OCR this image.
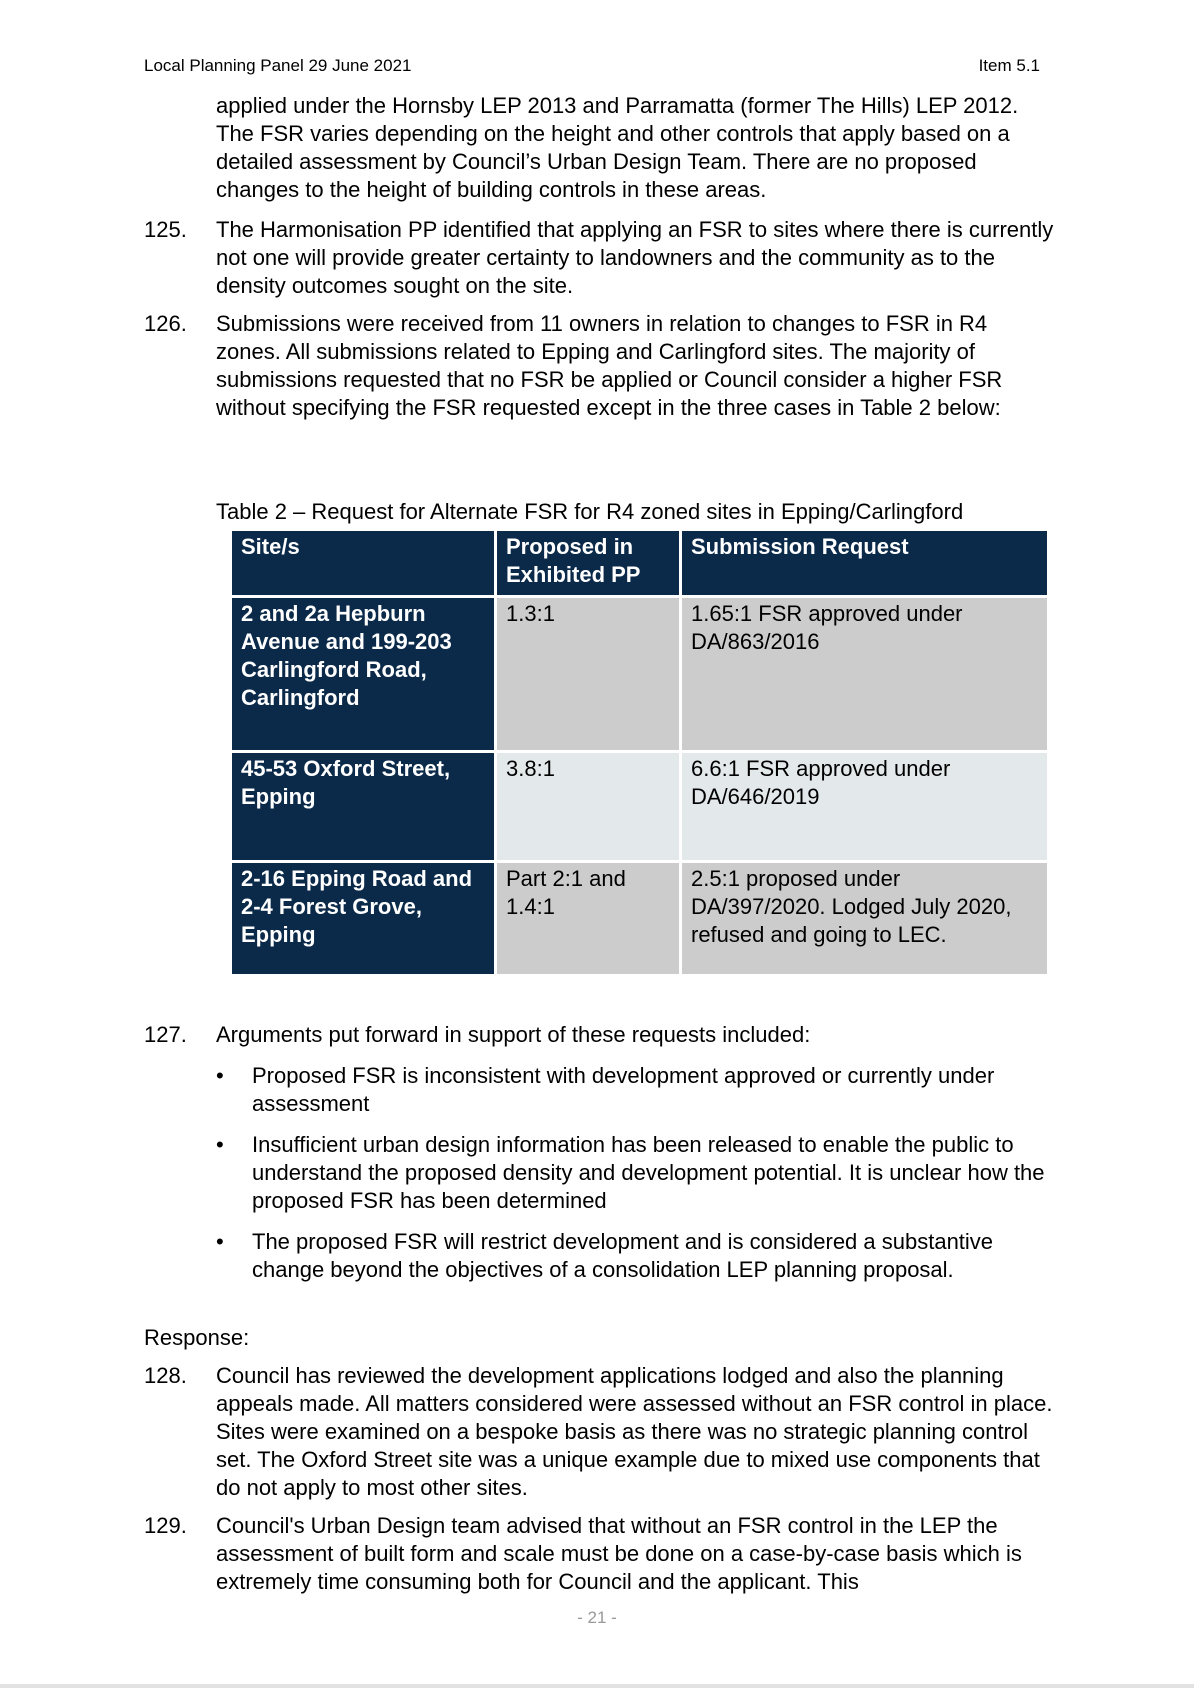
Local Planning Panel 29 June 2021	Item 5.1
applied under the Hornsby LEP 2013 and Parramatta (former The Hills) LEP 2012. The FSR varies depending on the height and other controls that apply based on a detailed assessment by Council’s Urban Design Team. There are no proposed changes to the height of building controls in these areas.
125. The Harmonisation PP identified that applying an FSR to sites where there is currently not one will provide greater certainty to landowners and the community as to the density outcomes sought on the site.
126. Submissions were received from 11 owners in relation to changes to FSR in R4 zones. All submissions related to Epping and Carlingford sites. The majority of submissions requested that no FSR be applied or Council consider a higher FSR without specifying the FSR requested except in the three cases in Table 2 below:
Table 2 – Request for Alternate FSR for R4 zoned sites in Epping/Carlingford
Site/s	Proposed in Exhibited PP	Submission Request
2 and 2a Hepburn Avenue and 199-203 Carlingford Road, Carlingford	1.3:1	1.65:1 FSR approved under DA/863/2016
45-53 Oxford Street, Epping	3.8:1	6.6:1 FSR approved under DA/646/2019
2-16 Epping Road and 2-4 Forest Grove, Epping	Part 2:1 and 1.4:1	2.5:1 proposed under DA/397/2020. Lodged July 2020, refused and going to LEC.
127. Arguments put forward in support of these requests included:
• Proposed FSR is inconsistent with development approved or currently under assessment
• Insufficient urban design information has been released to enable the public to understand the proposed density and development potential. It is unclear how the proposed FSR has been determined
• The proposed FSR will restrict development and is considered a substantive change beyond the objectives of a consolidation LEP planning proposal.
Response:
128. Council has reviewed the development applications lodged and also the planning appeals made. All matters considered were assessed without an FSR control in place. Sites were examined on a bespoke basis as there was no strategic planning control set. The Oxford Street site was a unique example due to mixed use components that do not apply to most other sites.
129. Council's Urban Design team advised that without an FSR control in the LEP the assessment of built form and scale must be done on a case-by-case basis which is extremely time consuming both for Council and the applicant. This
- 21 -
